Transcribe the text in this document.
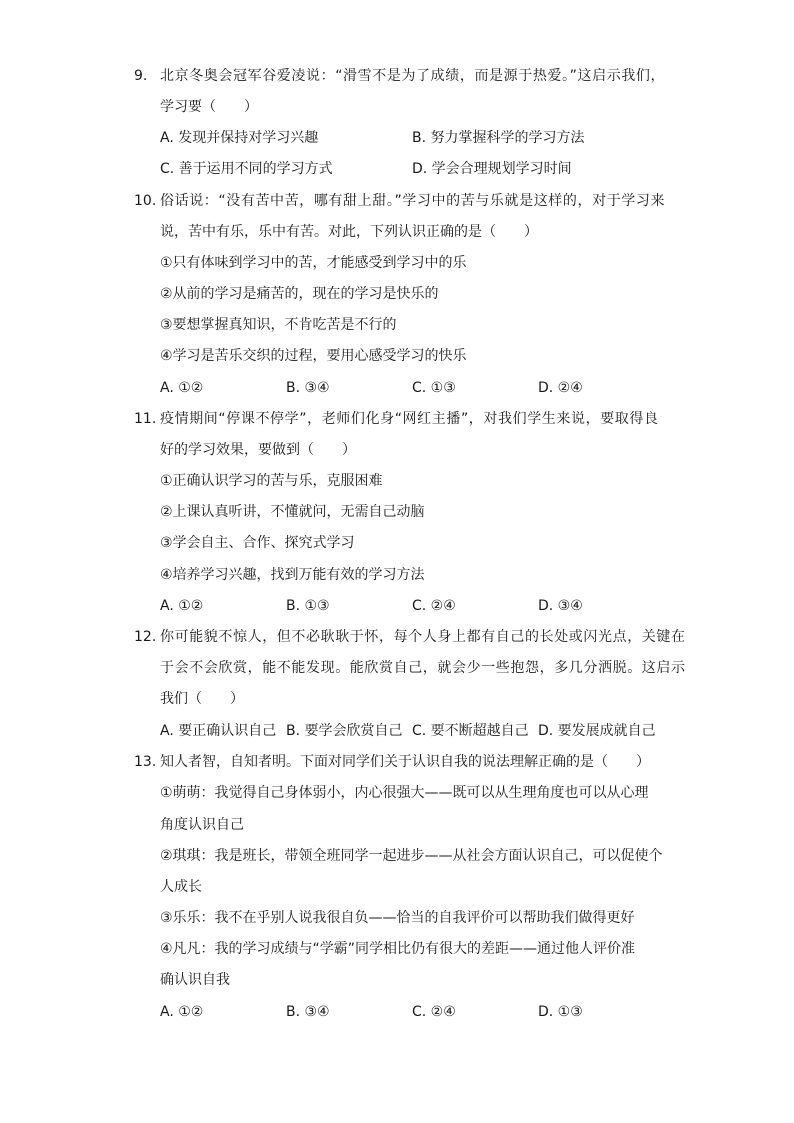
9. 北京冬奥会冠军谷爱凌说：“滑雪不是为了成绩，而是源于热爱。”这启示我们，
学习要（　　）
A. 发现并保持对学习兴趣	B. 努力掌握科学的学习方法
C. 善于运用不同的学习方式	D. 学会合理规划学习时间
10. 俗话说：“没有苦中苦，哪有甜上甜。”学习中的苦与乐就是这样的，对于学习来
说，苦中有乐，乐中有苦。对此，下列认识正确的是（　　）
①只有体味到学习中的苦，才能感受到学习中的乐
②从前的学习是痛苦的，现在的学习是快乐的
③要想掌握真知识，不肯吃苦是不行的
④学习是苦乐交织的过程，要用心感受学习的快乐
A. ①②	B. ③④	C. ①③	D. ②④
11. 疫情期间“停课不停学”，老师们化身“网红主播”，对我们学生来说，要取得良
好的学习效果，要做到（　　）
①正确认识学习的苦与乐，克服困难
②上课认真听讲，不懂就问，无需自己动脑
③学会自主、合作、探究式学习
④培养学习兴趣，找到万能有效的学习方法
A. ①②	B. ①③	C. ②④	D. ③④
12. 你可能貌不惊人，但不必耿耿于怀，每个人身上都有自己的长处或闪光点，关键在
于会不会欣赏，能不能发现。能欣赏自己，就会少一些抱怨，多几分洒脱。这启示
我们（　　）
A. 要正确认识自己 B. 要学会欣赏自己 C. 要不断超越自己 D. 要发展成就自己
13. 知人者智，自知者明。下面对同学们关于认识自我的说法理解正确的是（　　）
①萌萌：我觉得自己身体弱小，内心很强大——既可以从生理角度也可以从心理
角度认识自己
②琪琪：我是班长，带领全班同学一起进步——从社会方面认识自己，可以促使个
人成长
③乐乐：我不在乎别人说我很自负——恰当的自我评价可以帮助我们做得更好
④凡凡：我的学习成绩与“学霸”同学相比仍有很大的差距——通过他人评价准
确认识自我
A. ①②	B. ③④	C. ②④	D. ①③
